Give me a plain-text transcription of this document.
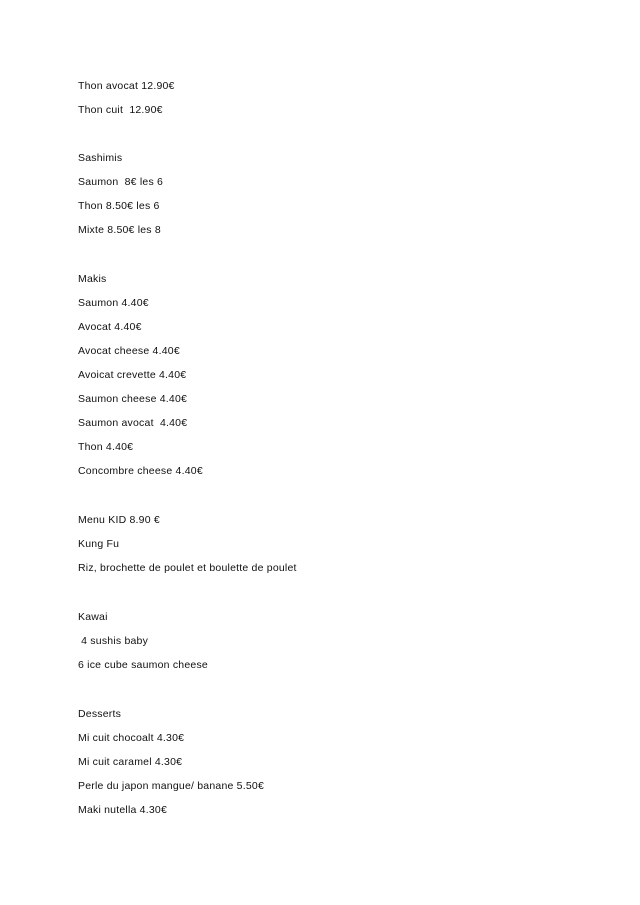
Thon avocat 12.90€
Thon cuit  12.90€
Sashimis
Saumon  8€ les 6
Thon 8.50€ les 6
Mixte 8.50€ les 8
Makis
Saumon 4.40€
Avocat 4.40€
Avocat cheese 4.40€
Avoicat crevette 4.40€
Saumon cheese 4.40€
Saumon avocat  4.40€
Thon 4.40€
Concombre cheese 4.40€
Menu KID 8.90 €
Kung Fu
Riz, brochette de poulet et boulette de poulet
Kawai
4 sushis baby
6 ice cube saumon cheese
Desserts
Mi cuit chocoalt 4.30€
Mi cuit caramel 4.30€
Perle du japon mangue/ banane 5.50€
Maki nutella 4.30€
